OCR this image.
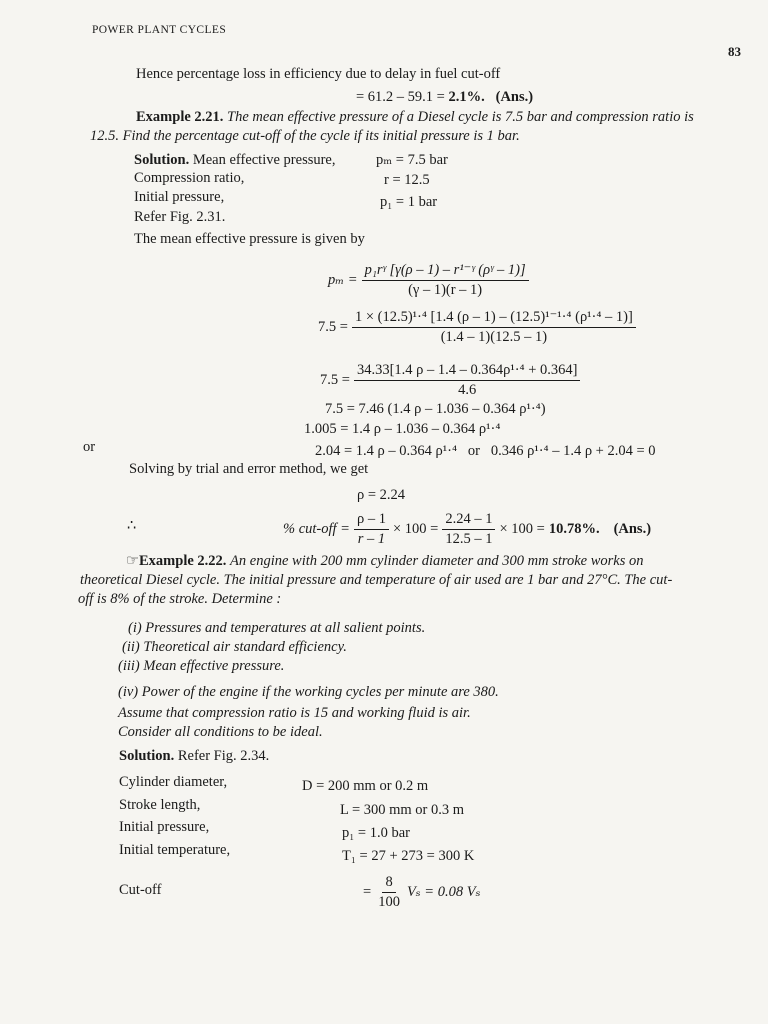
POWER PLANT CYCLES
83
Hence percentage loss in efficiency due to delay in fuel cut-off
= 61.2 – 59.1 = 2.1%. (Ans.)
Example 2.21. The mean effective pressure of a Diesel cycle is 7.5 bar and compression ratio is
12.5. Find the percentage cut-off of the cycle if its initial pressure is 1 bar.
Solution. Mean effective pressure,	pₘ = 7.5 bar
Compression ratio,	r = 12.5
Initial pressure,	p₁ = 1 bar
Refer Fig. 2.31.
The mean effective pressure is given by
$p_m = \frac{\text{p₁rᵞ [γ(ρ – 1) – r¹⁻ᵞ (ρᵞ – 1)]}}{(\gamma - 1)(r - 1)}$
$7.5 = \frac{\text{1 × (12.5)¹·⁴ [1.4 (ρ – 1) – (12.5)¹⁻¹·⁴ (ρ¹·⁴ – 1)]}}{(1.4 - 1)(12.5 - 1)}$
$7.5 = \frac{\text{34.33[1.4 ρ – 1.4 – 0.364ρ¹·⁴ + 0.364]}}{4.6}$
7.5 = 7.46 (1.4 ρ – 1.036 – 0.364 ρ¹·⁴)
1.005 = 1.4 ρ – 1.036 – 0.364 ρ¹·⁴
or	2.04 = 1.4 ρ – 0.364 ρ¹·⁴ or 0.346 ρ¹·⁴ – 1.4 ρ + 2.04 = 0
Solving by trial and error method, we get
ρ = 2.24
∴	% $cut-off = \frac{\rho - 1}{r - 1} \times 100 = \frac{2.24 - 1}{12.5 - 1} \times 100 = 10.78\%$. (Ans.)
☞Example 2.22. An engine with 200 mm cylinder diameter and 300 mm stroke works on
theoretical Diesel cycle. The initial pressure and temperature of air used are 1 bar and 27°C. The cut-
off is 8% of the stroke. Determine :
(i) Pressures and temperatures at all salient points.
(ii) Theoretical air standard efficiency.
(iii) Mean effective pressure.
(iv) Power of the engine if the working cycles per minute are 380.
Assume that compression ratio is 15 and working fluid is air.
Consider all conditions to be ideal.
Solution. Refer Fig. 2.34.
Cylinder diameter,	D = 200 mm or 0.2 m
Stroke length,	L = 300 mm or 0.3 m
Initial pressure,	p₁ = 1.0 bar
Initial temperature,	T₁ = 27 + 273 = 300 K
Cut-off	= $\frac{8}{100}$ Vₛ = 0.08 Vₛ
